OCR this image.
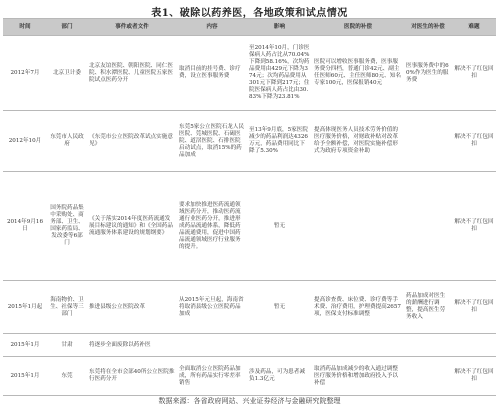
表1、破除以药养医，各地政策和试点情况
时间	部门	事件或者文件	内容	影响	医院的补偿	对医生的补偿	难题
2012年7月	北京卫计委	北京友谊医院、朝阳医院、同仁医院、积水潭医院、儿童医院五家医院试点医药分开	取消目前的挂号费、诊疗费，设立医事服务费	至2014年10月，门诊医保病人药占比从70.04%下降到58.16%，次均药品费用由429元下降为374元；次均药品费用从301元下降到217元；住院医保病人药占比由30.83%下降为23.81%	医院可以增收医事服务费，医事服务费分四档，普通门诊42元、副主任医师60元、主任医师80元、知名专家100元，医保报销40元	医事服务费中的60%作为医生的服务费	解决不了红包回扣
2012年10月	东莞市人民政府	《东莞市公立医院改革试点实施意见》	东莞5家公立医院石龙人民医院、莞城医院、石碣医院、道滘医院、石排医院启动试点，取消15%的药品加成	至13年9月底，5家医院减少的药品利润达4326万元，药品费用同比下降了5.30%	提高体现医务人员技术劳务价值的医疗服务价格，对财政补贴对改革给予全额补偿，对医院实施补偿形式为政府专项资金补助		解决不了红包回扣
2014年9月16日	国务院药品集中采购处、商务部、卫生、国家药监局、发改委等6部门	《关于落实2014年度医药流通发展目标建议的通知》和《全国药品流通服务体系建设的规划纲要》	要求加快推进医药流通领域医药分开，推动医药流通行业医药分开，推进形成药品流通体系，降低药品流通费用，促进中国药品流通领域医疗行业服务的提升。	暂无			解决不了红包回扣
2015年1月起	海南物价、卫生、社保等三部门	推进县级公立医院改革	从2015年元旦起，海南省将取消县级公立医院药品加成	暂无	提高诊查费、床位费、诊疗费等手术费、治疗费用，护理费提高2657项，医保支付标准调整	药品加成对医生的薪酬进行调整，提高医生劳务收入	解决不了红包回扣
2015年1月	甘肃	将逐步全面废除以药补医					
2015年1月	东莞	东莞将在全市会部40所公立医院推行医药分开	全面取消公立医院药品加成，所有药品实行零差率销售	涉及药品，可为患者减负1.3亿元	取消药品加成减少的收入通过调整医疗服务价格和增加政府投入予以补偿		解决不了红包回扣
数据来源：各省政府网站、兴业证券经济与金融研究院整理
